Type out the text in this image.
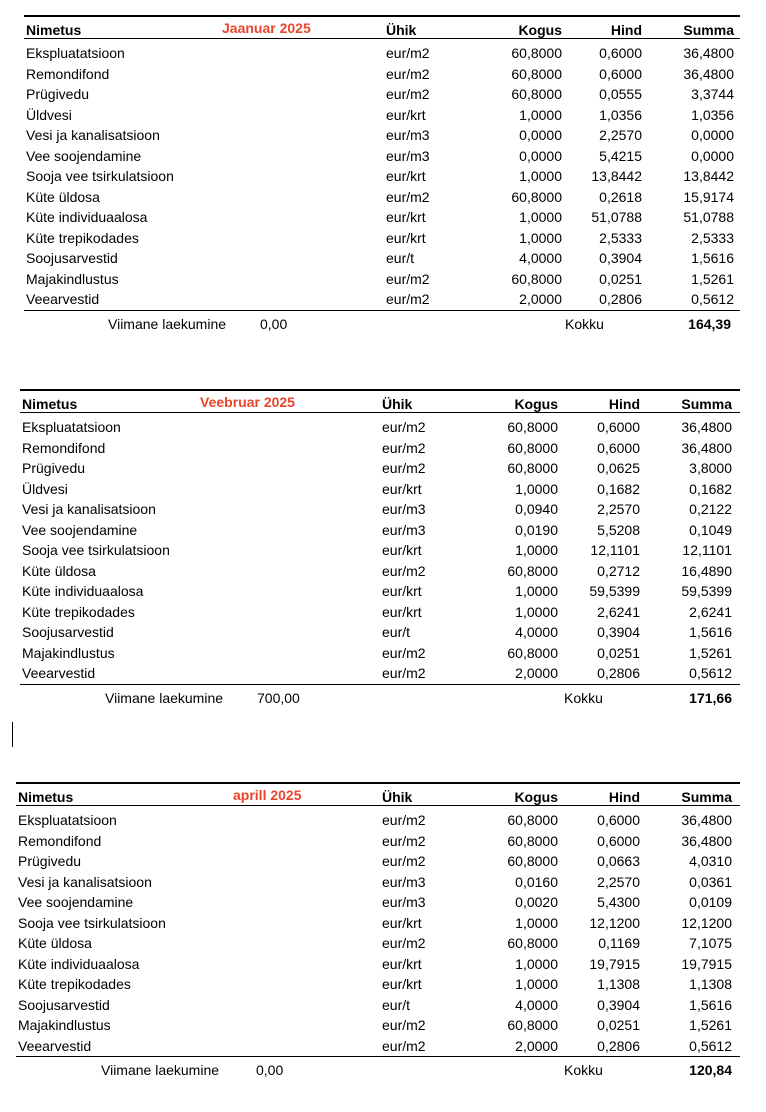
Nimetus	Jaanuar 2025	Ühik	Kogus	Hind	Summa
Ekspluatatsioon	eur/m2	60,8000	0,6000	36,4800
Remondifond	eur/m2	60,8000	0,6000	36,4800
Prügivedu	eur/m2	60,8000	0,0555	3,3744
Üldvesi	eur/krt	1,0000	1,0356	1,0356
Vesi ja kanalisatsioon	eur/m3	0,0000	2,2570	0,0000
Vee soojendamine	eur/m3	0,0000	5,4215	0,0000
Sooja vee tsirkulatsioon	eur/krt	1,0000 13,8442	13,8442
Küte üldosa	eur/m2	60,8000	0,2618	15,9174
Küte individuaalosa	eur/krt	1,0000 51,0788	51,0788
Küte trepikodades	eur/krt	1,0000	2,5333	2,5333
Soojusarvestid	eur/t	4,0000	0,3904	1,5616
Majakindlustus	eur/m2	60,8000	0,0251	1,5261
Veearvestid	eur/m2	2,0000	0,2806	0,5612
Viimane laekumine 0,00	Kokku	164,39
Nimetus	Veebruar 2025	Ühik	Kogus	Hind	Summa
Ekspluatatsioon	eur/m2	60,8000	0,6000	36,4800
Remondifond	eur/m2	60,8000	0,6000	36,4800
Prügivedu	eur/m2	60,8000	0,0625	3,8000
Üldvesi	eur/krt	1,0000	0,1682	0,1682
Vesi ja kanalisatsioon	eur/m3	0,0940	2,2570	0,2122
Vee soojendamine	eur/m3	0,0190	5,5208	0,1049
Sooja vee tsirkulatsioon	eur/krt	1,0000 12,1101	12,1101
Küte üldosa	eur/m2	60,8000	0,2712	16,4890
Küte individuaalosa	eur/krt	1,0000 59,5399	59,5399
Küte trepikodades	eur/krt	1,0000	2,6241	2,6241
Soojusarvestid	eur/t	4,0000	0,3904	1,5616
Majakindlustus	eur/m2	60,8000	0,0251	1,5261
Veearvestid	eur/m2	2,0000	0,2806	0,5612
Viimane laekumine 700,00	Kokku	171,66
Nimetus	aprill 2025	Ühik	Kogus	Hind	Summa
Ekspluatatsioon	eur/m2	60,8000	0,6000	36,4800
Remondifond	eur/m2	60,8000	0,6000	36,4800
Prügivedu	eur/m2	60,8000	0,0663	4,0310
Vesi ja kanalisatsioon	eur/m3	0,0160	2,2570	0,0361
Vee soojendamine	eur/m3	0,0020	5,4300	0,0109
Sooja vee tsirkulatsioon	eur/krt	1,0000 12,1200	12,1200
Küte üldosa	eur/m2	60,8000	0,1169	7,1075
Küte individuaalosa	eur/krt	1,0000 19,7915	19,7915
Küte trepikodades	eur/krt	1,0000	1,1308	1,1308
Soojusarvestid	eur/t	4,0000	0,3904	1,5616
Majakindlustus	eur/m2	60,8000	0,0251	1,5261
Veearvestid	eur/m2	2,0000	0,2806	0,5612
Viimane laekumine	0,00	Kokku	120,84
